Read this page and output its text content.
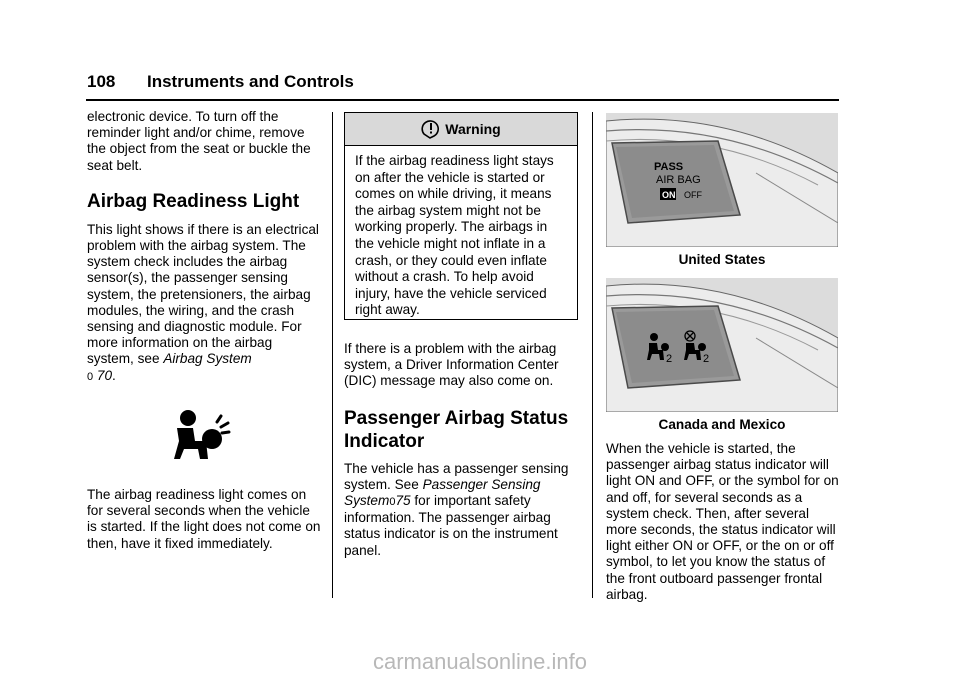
108 Instruments and Controls

electronic device. To turn off the reminder light and/or chime, remove the object from the seat or buckle the seat belt.

Airbag Readiness Light

This light shows if there is an electrical problem with the airbag system. The system check includes the airbag sensor(s), the passenger sensing system, the pretensioners, the airbag modules, the wiring, and the crash sensing and diagnostic module. For more information on the airbag system, see Airbag System
0 70.

The airbag readiness light comes on for several seconds when the vehicle is started. If the light does not come on then, have it fixed immediately.

Warning
If the airbag readiness light stays on after the vehicle is started or comes on while driving, it means the airbag system might not be working properly. The airbags in the vehicle might not inflate in a crash, or they could even inflate without a crash. To help avoid injury, have the vehicle serviced right away.

If there is a problem with the airbag system, a Driver Information Center (DIC) message may also come on.

Passenger Airbag Status Indicator

The vehicle has a passenger sensing system. See Passenger Sensing System075 for important safety information. The passenger airbag status indicator is on the instrument panel.

PASS
AIR BAG
ON OFF
United States
2	2
Canada and Mexico

When the vehicle is started, the passenger airbag status indicator will light ON and OFF, or the symbol for on and off, for several seconds as a system check. Then, after several more seconds, the status indicator will light either ON or OFF, or the on or off symbol, to let you know the status of the front outboard passenger frontal airbag.

carmanualsonline.info
